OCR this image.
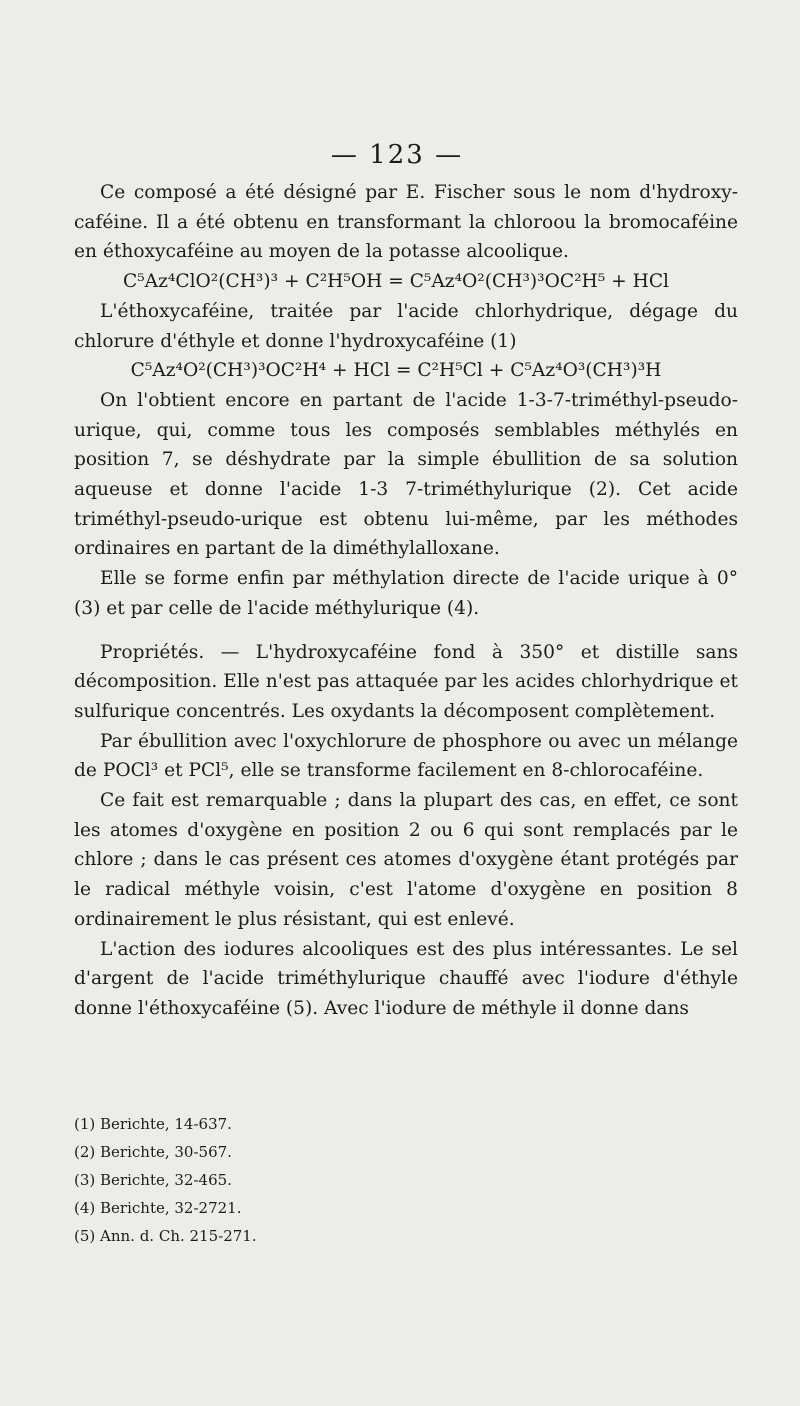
— 123 —

Ce composé a été désigné par E. Fischer sous le nom d'hydroxy-caféine. Il a été obtenu en transformant la chloroou la bromocaféine en éthoxycaféine au moyen de la potasse alcoolique.

C⁵Az⁴ClO²(CH³)³ + C²H⁵OH = C⁵Az⁴O²(CH³)³OC²H⁵ + HCl

L'éthoxycaféine, traitée par l'acide chlorhydrique, dégage du chlorure d'éthyle et donne l'hydroxycaféine (1)

C⁵Az⁴O²(CH³)³OC²H⁴ + HCl = C²H⁵Cl + C⁵Az⁴O³(CH³)³H

On l'obtient encore en partant de l'acide 1-3-7-triméthyl-pseudo-urique, qui, comme tous les composés semblables méthylés en position 7, se déshydrate par la simple ébullition de sa solution aqueuse et donne l'acide 1-3 7-triméthylurique (2). Cet acide triméthyl-pseudo-urique est obtenu lui-même, par les méthodes ordinaires en partant de la diméthylalloxane.

Elle se forme enfin par méthylation directe de l'acide urique à 0° (3) et par celle de l'acide méthylurique (4).

Propriétés. — L'hydroxycaféine fond à 350° et distille sans décomposition. Elle n'est pas attaquée par les acides chlorhydrique et sulfurique concentrés. Les oxydants la décomposent complètement.

Par ébullition avec l'oxychlorure de phosphore ou avec un mélange de POCl³ et PCl⁵, elle se transforme facilement en 8-chlorocaféine.

Ce fait est remarquable ; dans la plupart des cas, en effet, ce sont les atomes d'oxygène en position 2 ou 6 qui sont remplacés par le chlore ; dans le cas présent ces atomes d'oxygène étant protégés par le radical méthyle voisin, c'est l'atome d'oxygène en position 8 ordinairement le plus résistant, qui est enlevé.

L'action des iodures alcooliques est des plus intéressantes. Le sel d'argent de l'acide triméthylurique chauffé avec l'iodure d'éthyle donne l'éthoxycaféine (5). Avec l'iodure de méthyle il donne dans

(1) Berichte, 14-637.
(2) Berichte, 30-567.
(3) Berichte, 32-465.
(4) Berichte, 32-2721.
(5) Ann. d. Ch. 215-271.
